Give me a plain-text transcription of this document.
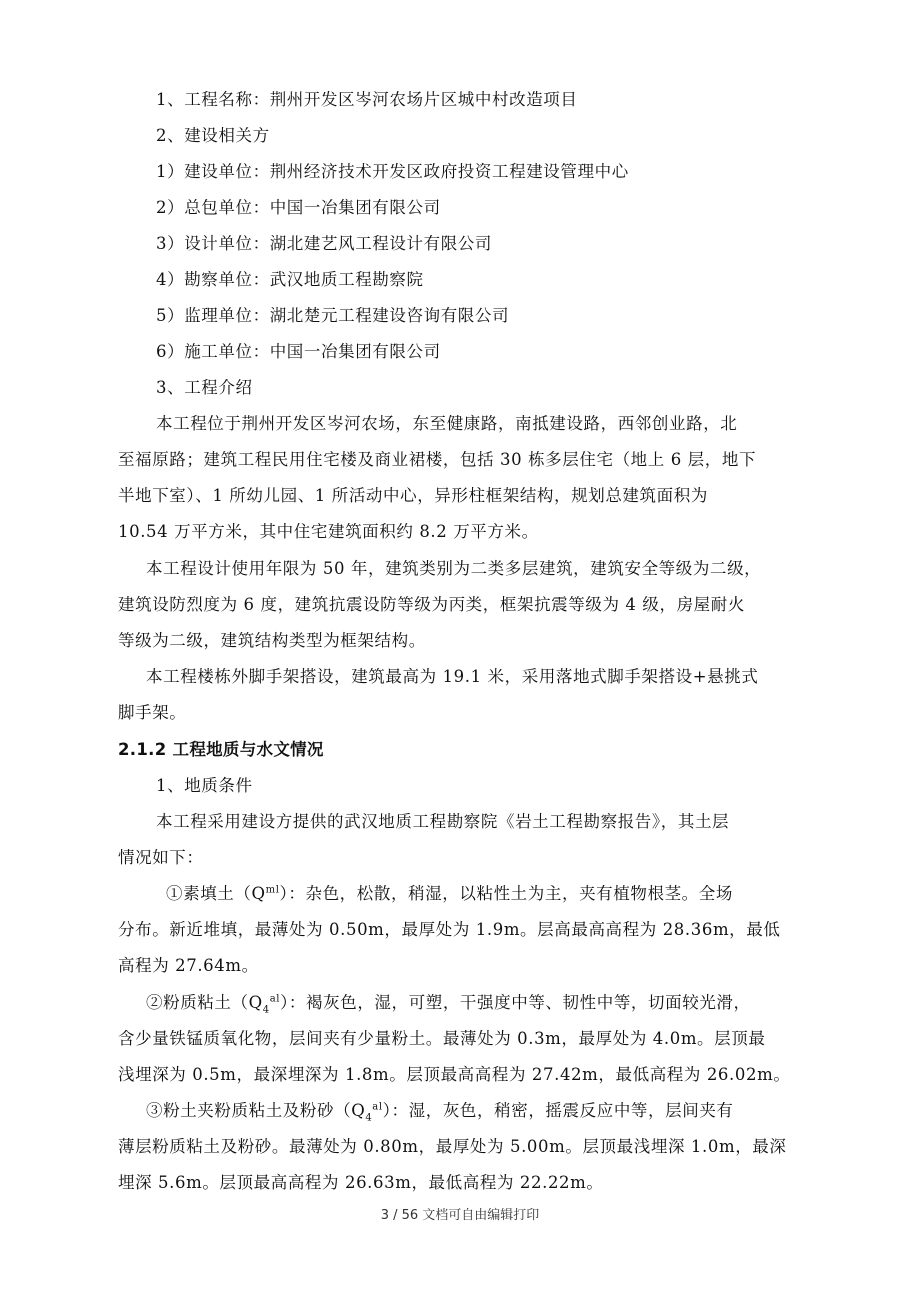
1、工程名称：荆州开发区岑河农场片区城中村改造项目

2、建设相关方

1）建设单位：荆州经济技术开发区政府投资工程建设管理中心

2）总包单位：中国一冶集团有限公司

3）设计单位：湖北建艺风工程设计有限公司

4）勘察单位：武汉地质工程勘察院

5）监理单位：湖北楚元工程建设咨询有限公司

6）施工单位：中国一冶集团有限公司

3、工程介绍

本工程位于荆州开发区岑河农场，东至健康路，南抵建设路，西邻创业路，北

至福原路；建筑工程民用住宅楼及商业裙楼，包括 30 栋多层住宅（地上 6 层，地下

半地下室）、1 所幼儿园、1 所活动中心，异形柱框架结构，规划总建筑面积为

10.54 万平方米，其中住宅建筑面积约 8.2 万平方米。

本工程设计使用年限为 50 年，建筑类别为二类多层建筑，建筑安全等级为二级，

建筑设防烈度为 6 度，建筑抗震设防等级为丙类，框架抗震等级为 4 级，房屋耐火

等级为二级，建筑结构类型为框架结构。

本工程楼栋外脚手架搭设，建筑最高为 19.1 米，采用落地式脚手架搭设+悬挑式

脚手架。

2.1.2 工程地质与水文情况

1、地质条件

本工程采用建设方提供的武汉地质工程勘察院《岩土工程勘察报告》，其土层

情况如下：

①素填土$(Q^{ml})$：杂色，松散，稍湿，以粘性土为主，夹有植物根茎。全场

分布。新近堆填，最薄处为 0.50m，最厚处为 1.9m。层高最高高程为 28.36m，最低

高程为 27.64m。

②粉质粘土$(Q_4^{al})$：褐灰色，湿，可塑，干强度中等、韧性中等，切面较光滑，

含少量铁锰质氧化物，层间夹有少量粉土。最薄处为 0.3m，最厚处为 4.0m。层顶最

浅埋深为 0.5m，最深埋深为 1.8m。层顶最高高程为 27.42m，最低高程为 26.02m。

③粉土夹粉质粘土及粉砂$(Q_4^{al})$：湿，灰色，稍密，摇震反应中等，层间夹有

薄层粉质粘土及粉砂。最薄处为 0.80m，最厚处为 5.00m。层顶最浅埋深 1.0m，最深

埋深 5.6m。层顶最高高程为 26.63m，最低高程为 22.22m。

3 / 56 文档可自由编辑打印
